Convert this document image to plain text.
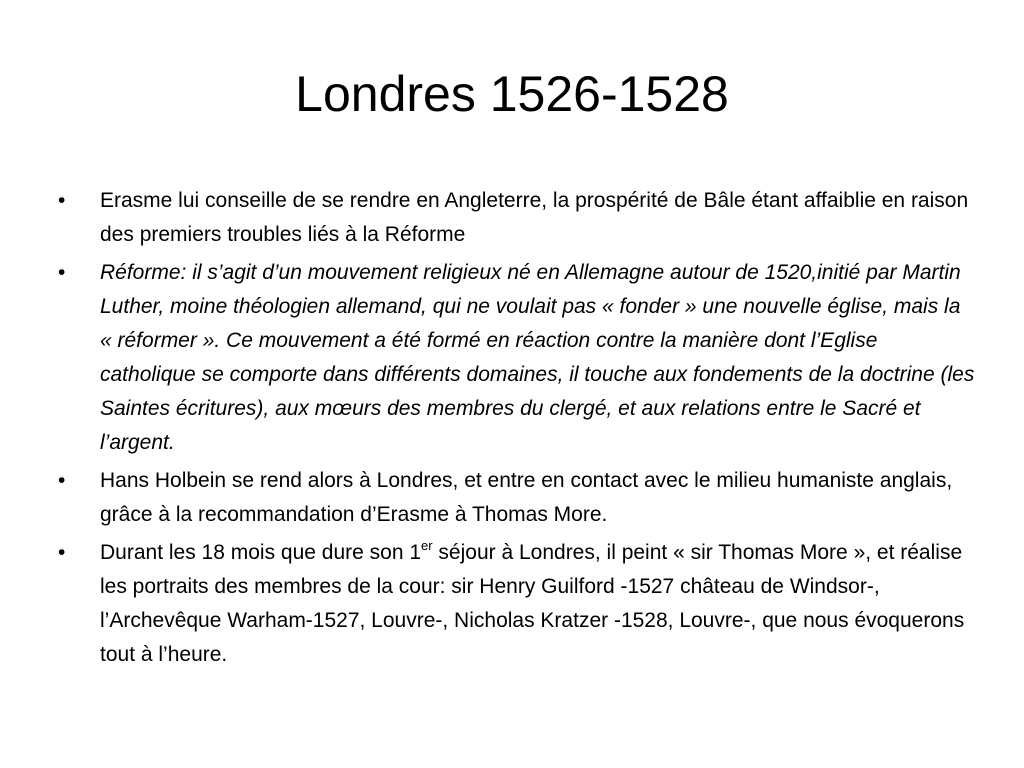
Londres 1526-1528
• Erasme lui conseille de se rendre en Angleterre, la prospérité de Bâle étant affaiblie en raison des premiers troubles liés à la Réforme
• Réforme: il s’agit d’un mouvement religieux né en Allemagne autour de 1520,initié par Martin Luther, moine théologien allemand, qui ne voulait pas « fonder » une nouvelle église, mais la « réformer ». Ce mouvement a été formé en réaction contre la manière dont l’Eglise catholique se comporte dans différents domaines, il touche aux fondements de la doctrine (les Saintes écritures), aux mœurs des membres du clergé, et aux relations entre le Sacré et l’argent.
• Hans Holbein se rend alors à Londres, et entre en contact avec le milieu humaniste anglais, grâce à la recommandation d’Erasme à Thomas More.
• Durant les 18 mois que dure son 1er séjour à Londres, il peint « sir Thomas More », et réalise les portraits des membres de la cour: sir Henry Guilford -1527 château de Windsor-, l’Archevêque Warham-1527, Louvre-, Nicholas Kratzer -1528, Louvre-, que nous évoquerons tout à l’heure.
